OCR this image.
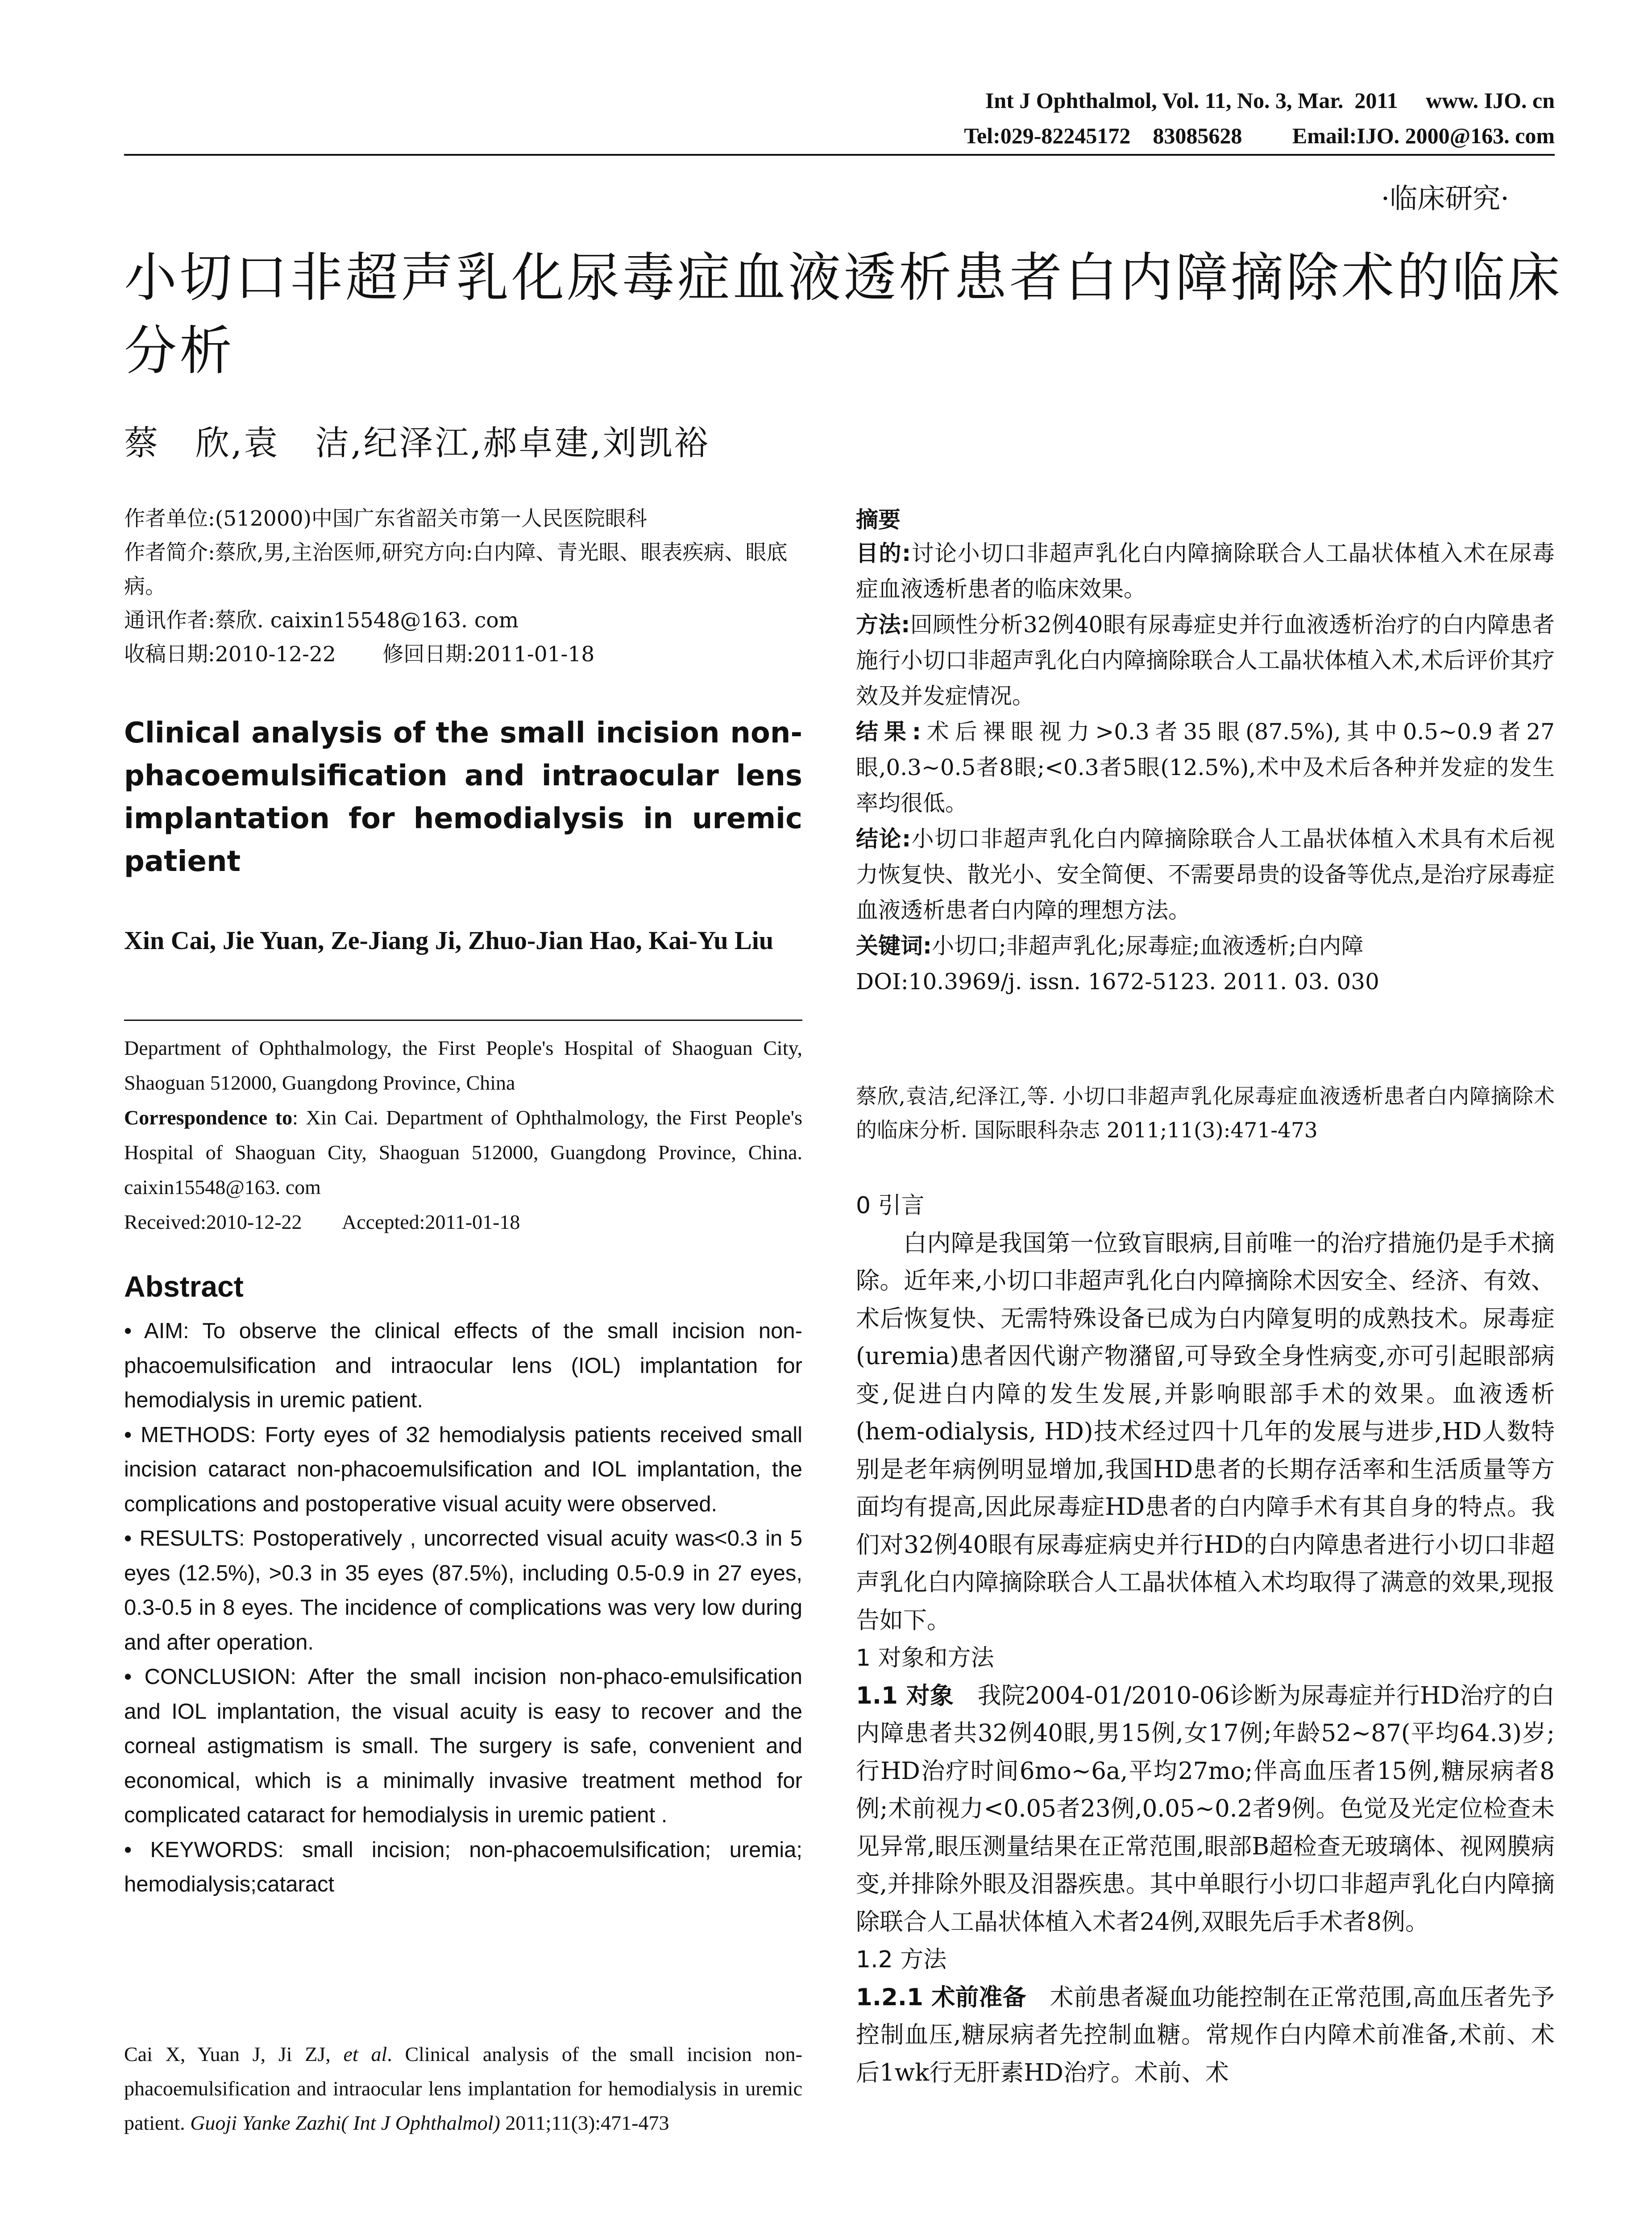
Int J Ophthalmol, Vol. 11, No. 3, Mar.  2011     www. IJO. cn
Tel:029-82245172    83085628         Email:IJO. 2000@163. com
·临床研究·
小切口非超声乳化尿毒症血液透析患者白内障摘除术的临床分析
蔡　欣,袁　洁,纪泽江,郝卓建,刘凯裕
作者单位:(512000)中国广东省韶关市第一人民医院眼科
作者简介:蔡欣,男,主治医师,研究方向:白内障、青光眼、眼表疾病、眼底病。
通讯作者:蔡欣. caixin15548@163. com
收稿日期:2010-12-22       修回日期:2011-01-18
Clinical analysis of the small incision non-phacoemulsification and intraocular lens implantation for hemodialysis in uremic patient
Xin Cai, Jie Yuan, Ze-Jiang Ji, Zhuo-Jian Hao, Kai-Yu Liu
Department of Ophthalmology, the First People's Hospital of Shaoguan City, Shaoguan 512000, Guangdong Province, China
Correspondence to: Xin Cai. Department of Ophthalmology, the First People's Hospital of Shaoguan City, Shaoguan 512000, Guangdong Province, China. caixin15548@163. com
Received:2010-12-22        Accepted:2011-01-18
Abstract

• AIM: To observe the clinical effects of the small incision non-phacoemulsification and intraocular lens (IOL) implantation for hemodialysis in uremic patient.

• METHODS: Forty eyes of 32 hemodialysis patients received small incision cataract non-phacoemulsification and IOL implantation, the complications and postoperative visual acuity were observed.

• RESULTS: Postoperatively , uncorrected visual acuity was<0.3 in 5 eyes (12.5%), >0.3 in 35 eyes (87.5%), including 0.5-0.9 in 27 eyes, 0.3-0.5 in 8 eyes. The incidence of complications was very low during and after operation.

• CONCLUSION: After the small incision non-phaco-emulsification and IOL implantation, the visual acuity is easy to recover and the corneal astigmatism is small. The surgery is safe, convenient and economical, which is a minimally invasive treatment method for complicated cataract for hemodialysis in uremic patient .

• KEYWORDS: small incision; non-phacoemulsification; uremia; hemodialysis;cataract

Cai X, Yuan J, Ji ZJ, et al. Clinical analysis of the small incision non-phacoemulsification and intraocular lens implantation for hemodialysis in uremic patient. Guoji Yanke Zazhi( Int J Ophthalmol) 2011;11(3):471-473
摘要

目的:讨论小切口非超声乳化白内障摘除联合人工晶状体植入术在尿毒症血液透析患者的临床效果。

方法:回顾性分析32例40眼有尿毒症史并行血液透析治疗的白内障患者施行小切口非超声乳化白内障摘除联合人工晶状体植入术,术后评价其疗效及并发症情况。

结果:术后裸眼视力>0.3者35眼(87.5%),其中0.5~0.9者27眼,0.3~0.5者8眼;<0.3者5眼(12.5%),术中及术后各种并发症的发生率均很低。

结论:小切口非超声乳化白内障摘除联合人工晶状体植入术具有术后视力恢复快、散光小、安全简便、不需要昂贵的设备等优点,是治疗尿毒症血液透析患者白内障的理想方法。

关键词:小切口;非超声乳化;尿毒症;血液透析;白内障

DOI:10.3969/j. issn. 1672-5123. 2011. 03. 030

蔡欣,袁洁,纪泽江,等. 小切口非超声乳化尿毒症血液透析患者白内障摘除术的临床分析. 国际眼科杂志 2011;11(3):471-473

0 引言

白内障是我国第一位致盲眼病,目前唯一的治疗措施仍是手术摘除。近年来,小切口非超声乳化白内障摘除术因安全、经济、有效、术后恢复快、无需特殊设备已成为白内障复明的成熟技术。尿毒症(uremia)患者因代谢产物潴留,可导致全身性病变,亦可引起眼部病变,促进白内障的发生发展,并影响眼部手术的效果。血液透析(hem-odialysis, HD)技术经过四十几年的发展与进步,HD人数特别是老年病例明显增加,我国HD患者的长期存活率和生活质量等方面均有提高,因此尿毒症HD患者的白内障手术有其自身的特点。我们对32例40眼有尿毒症病史并行HD的白内障患者进行小切口非超声乳化白内障摘除联合人工晶状体植入术均取得了满意的效果,现报告如下。

1 对象和方法

1.1 对象　 我院2004-01/2010-06诊断为尿毒症并行HD治疗的白内障患者共32例40眼,男15例,女17例;年龄52~87(平均64.3)岁;行HD治疗时间6mo~6a,平均27mo;伴高血压者15例,糖尿病者8例;术前视力<0.05者23例,0.05~0.2者9例。色觉及光定位检查未见异常,眼压测量结果在正常范围,眼部B超检查无玻璃体、视网膜病变,并排除外眼及泪器疾患。其中单眼行小切口非超声乳化白内障摘除联合人工晶状体植入术者24例,双眼先后手术者8例。

1.2 方法

1.2.1 术前准备　 术前患者凝血功能控制在正常范围,高血压者先予控制血压,糖尿病者先控制血糖。常规作白内障术前准备,术前、术后1wk行无肝素HD治疗。术前、术
